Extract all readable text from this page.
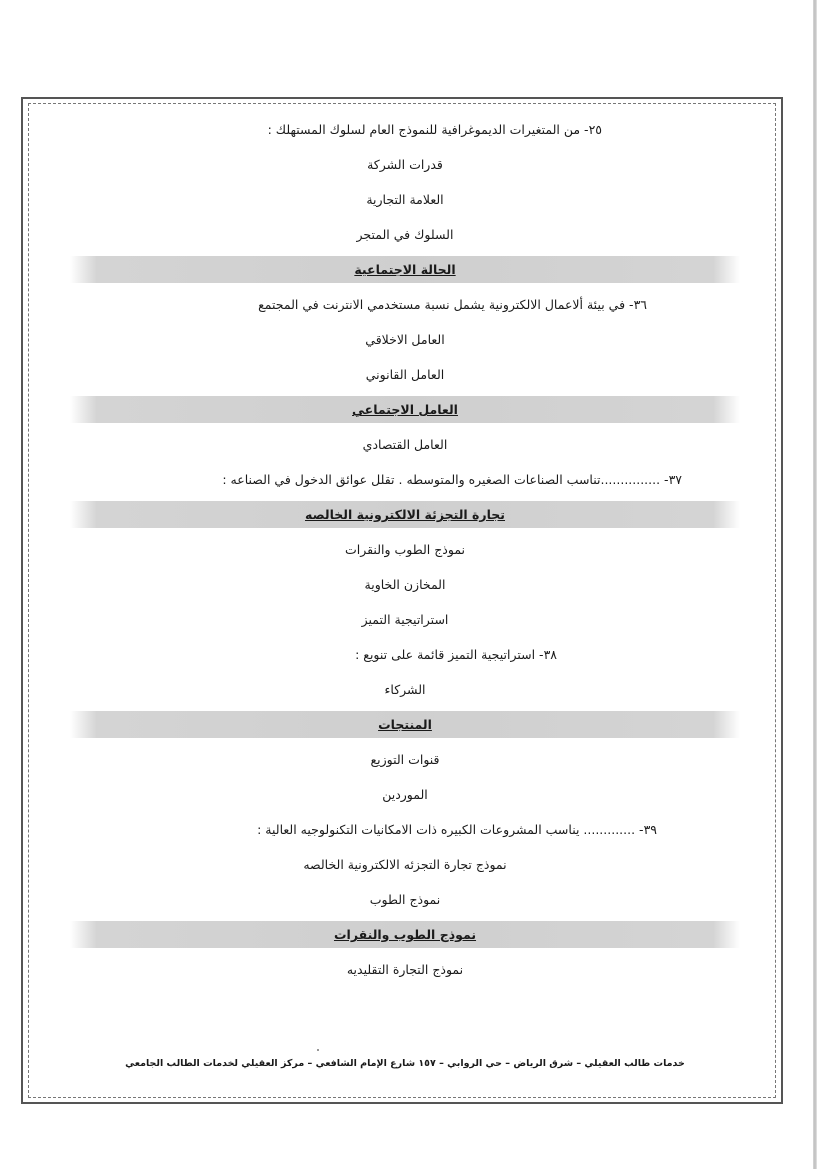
٢٥- من المتغيرات الديموغرافية للنموذج العام لسلوك المستهلك :
قدرات الشركة
العلامة التجارية
السلوك في المتجر
الحالة الاجتماعية
٣٦- في بيئة ألاعمال الالكترونية يشمل نسبة مستخدمي الانترنت في المجتمع
العامل الاخلاقي
العامل القانوني
العامل الاجتماعي
العامل القتصادي
٣٧- ...............تناسب الصناعات الصغيره والمتوسطه . تقلل عوائق الدخول في الصناعه :
تجارة التجزئة الالكترونية الخالصه
نموذج الطوب والنقرات
المخازن الخاوية
استراتيجية التميز
٣٨- استراتيجية التميز قائمة على تنويع :
الشركاء
المنتجات
قنوات التوزيع
الموردين
٣٩- ............. يناسب المشروعات الكبيره ذات الامكانيات التكنولوجيه العالية :
نموذج تجارة التجزئه الالكترونية الخالصه
نموذج الطوب
نموذج الطوب والنقرات
نموذج التجارة التقليديه
خدمات طالب العقيلي – شرق الرياض – حي الروابي – ١٥٧ شارع الإمام الشافعي – مركز العقيلي لخدمات الطالب الجامعي
